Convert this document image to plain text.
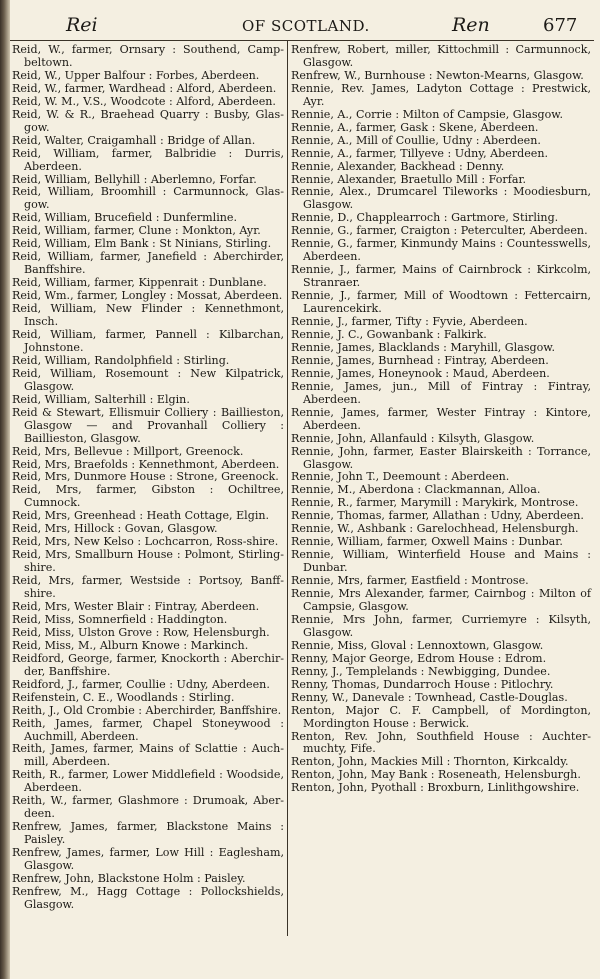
Rei	OF SCOTLAND.	Ren	677
Reid, W., farmer, Ornsary : Southend, Campbeltown.
Reid, W., Upper Balfour : Forbes, Aberdeen.
Reid, W., farmer, Wardhead : Alford, Aberdeen.
Reid, W. M., V.S., Woodcote : Alford, Aberdeen.
Reid, W. & R., Braehead Quarry : Busby, Glasgow.
Reid, Walter, Craigamhall : Bridge of Allan.
Reid, William, farmer, Balbridie : Durris, Aberdeen.
Reid, William, Bellyhill : Aberlemno, Forfar.
Reid, William, Broomhill : Carmunnock, Glasgow.
Reid, William, Brucefield : Dunfermline.
Reid, William, farmer, Clune : Monkton, Ayr.
Reid, William, Elm Bank : St Ninians, Stirling.
Reid, William, farmer, Janefield : Aberchirder, Banffshire.
Reid, William, farmer, Kippenrait : Dunblane.
Reid, Wm., farmer, Longley : Mossat, Aberdeen.
Reid, William, New Flinder : Kennethmont, Insch.
Reid, William, farmer, Pannell : Kilbarchan, Johnstone.
Reid, William, Randolphfield : Stirling.
Reid, William, Rosemount : New Kilpatrick, Glasgow.
Reid, William, Salterhill : Elgin.
Reid & Stewart, Ellismuir Colliery : Baillieston, Glasgow — and Provanhall Colliery : Baillieston, Glasgow.
Reid, Mrs, Bellevue : Millport, Greenock.
Reid, Mrs, Braefolds : Kennethmont, Aberdeen.
Reid, Mrs, Dunmore House : Strone, Greenock.
Reid, Mrs, farmer, Gibston : Ochiltree, Cumnock.
Reid, Mrs, Greenhead : Heath Cottage, Elgin.
Reid, Mrs, Hillock : Govan, Glasgow.
Reid, Mrs, New Kelso : Lochcarron, Ross-shire.
Reid, Mrs, Smallburn House : Polmont, Stirlingshire.
Reid, Mrs, farmer, Westside : Portsoy, Banffshire.
Reid, Mrs, Wester Blair : Fintray, Aberdeen.
Reid, Miss, Somnerfield : Haddington.
Reid, Miss, Ulston Grove : Row, Helensburgh.
Reid, Miss, M., Alburn Knowe : Markinch.
Reidford, George, farmer, Knockorth : Aberchirder, Banffshire.
Reidford, J., farmer, Coullie : Udny, Aberdeen.
Reifenstein, C. E., Woodlands : Stirling.
Reith, J., Old Crombie : Aberchirder, Banffshire.
Reith, James, farmer, Chapel Stoneywood : Auchmill, Aberdeen.
Reith, James, farmer, Mains of Sclattie : Auchmill, Aberdeen.
Reith, R., farmer, Lower Middlefield : Woodside, Aberdeen.
Reith, W., farmer, Glashmore : Drumoak, Aberdeen.
Renfrew, James, farmer, Blackstone Mains : Paisley.
Renfrew, James, farmer, Low Hill : Eaglesham, Glasgow.
Renfrew, John, Blackstone Holm : Paisley.
Renfrew, M., Hagg Cottage : Pollockshields, Glasgow.
Renfrew, Robert, miller, Kittochmill : Carmunnock, Glasgow.
Renfrew, W., Burnhouse : Newton-Mearns, Glasgow.
Rennie, Rev. James, Ladyton Cottage : Prestwick, Ayr.
Rennie, A., Corrie : Milton of Campsie, Glasgow.
Rennie, A., farmer, Gask : Skene, Aberdeen.
Rennie, A., Mill of Coullie, Udny : Aberdeen.
Rennie, A., farmer, Tillyeve : Udny, Aberdeen.
Rennie, Alexander, Backhead : Denny.
Rennie, Alexander, Braetullo Mill : Forfar.
Rennie, Alex., Drumcarel Tileworks : Moodiesburn, Glasgow.
Rennie, D., Chapplearroch : Gartmore, Stirling.
Rennie, G., farmer, Craigton : Peterculter, Aberdeen.
Rennie, G., farmer, Kinmundy Mains : Countesswells, Aberdeen.
Rennie, J., farmer, Mains of Cairnbrock : Kirkcolm, Stranraer.
Rennie, J., farmer, Mill of Woodtown : Fettercairn, Laurencekirk.
Rennie, J., farmer, Tifty : Fyvie, Aberdeen.
Rennie, J. C., Gowanbank : Falkirk.
Rennie, James, Blacklands : Maryhill, Glasgow.
Rennie, James, Burnhead : Fintray, Aberdeen.
Rennie, James, Honeynook : Maud, Aberdeen.
Rennie, James, jun., Mill of Fintray : Fintray, Aberdeen.
Rennie, James, farmer, Wester Fintray : Kintore, Aberdeen.
Rennie, John, Allanfauld : Kilsyth, Glasgow.
Rennie, John, farmer, Easter Blairskeith : Torrance, Glasgow.
Rennie, John T., Deemount : Aberdeen.
Rennie, M., Aberdona : Clackmannan, Alloa.
Rennie, R., farmer, Marymill : Marykirk, Montrose.
Rennie, Thomas, farmer, Allathan : Udny, Aberdeen.
Rennie, W., Ashbank : Garelochhead, Helensburgh.
Rennie, William, farmer, Oxwell Mains : Dunbar.
Rennie, William, Winterfield House and Mains : Dunbar.
Rennie, Mrs, farmer, Eastfield : Montrose.
Rennie, Mrs Alexander, farmer, Cairnbog : Milton of Campsie, Glasgow.
Rennie, Mrs John, farmer, Curriemyre : Kilsyth, Glasgow.
Rennie, Miss, Gloval : Lennoxtown, Glasgow.
Renny, Major George, Edrom House : Edrom.
Renny, J., Templelands : Newbigging, Dundee.
Renny, Thomas, Dundarroch House : Pitlochry.
Renny, W., Danevale : Townhead, Castle-Douglas.
Renton, Major C. F. Campbell, of Mordington, Mordington House : Berwick.
Renton, Rev. John, Southfield House : Auchtermuchty, Fife.
Renton, John, Mackies Mill : Thornton, Kirkcaldy.
Renton, John, May Bank : Roseneath, Helensburgh.
Renton, John, Pyothall : Broxburn, Linlithgowshire.
